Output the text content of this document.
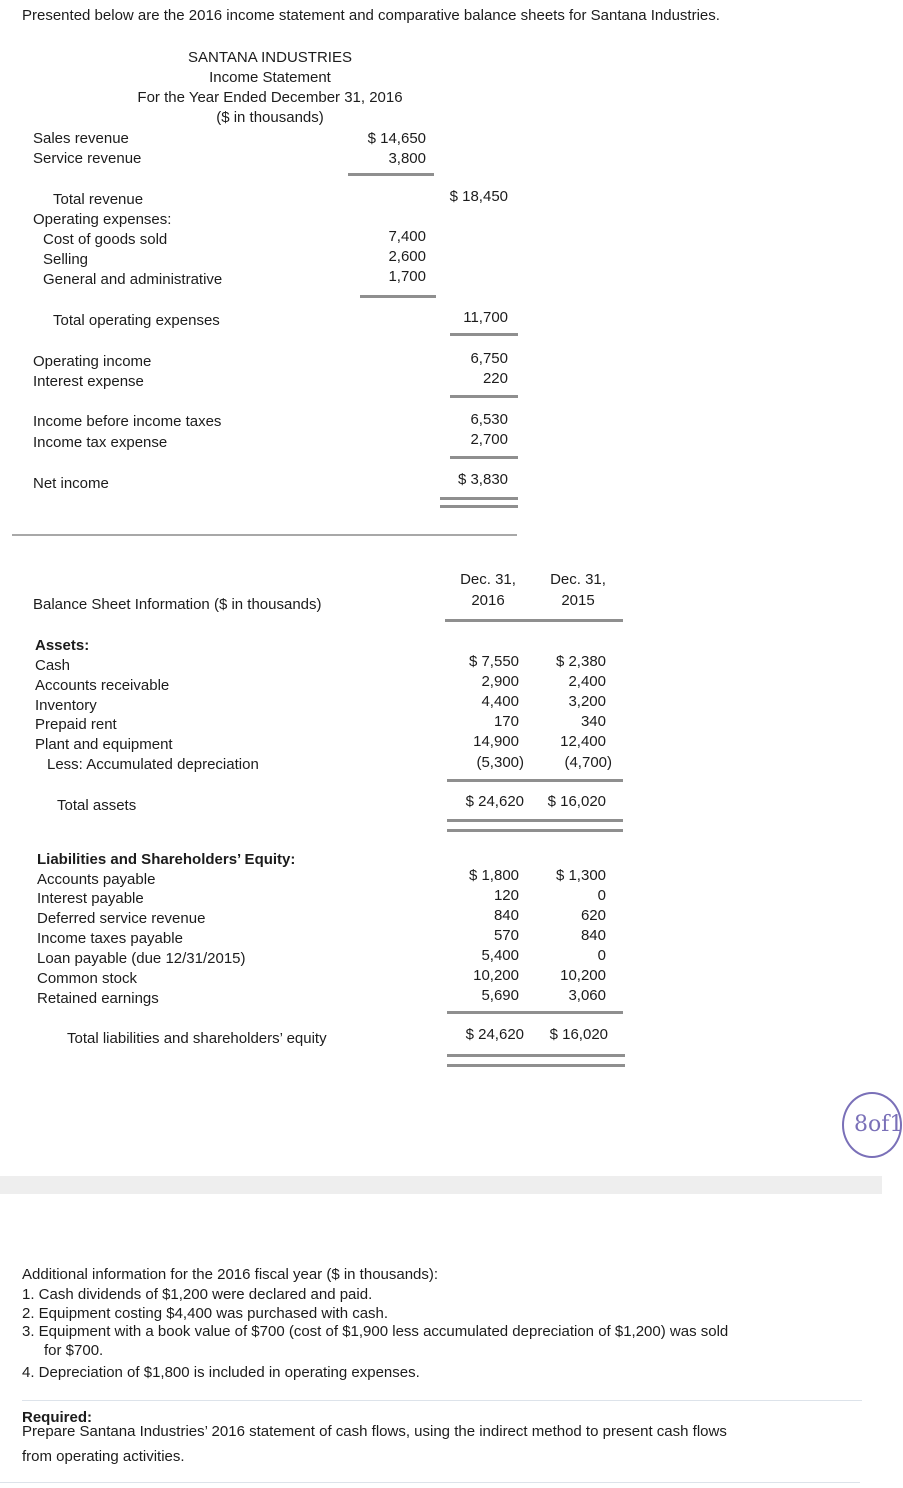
Presented below are the 2016 income statement and comparative balance sheets for Santana Industries.
SANTANA INDUSTRIES
Income Statement
For the Year Ended December 31, 2016
($ in thousands)
Sales revenue	$ 14,650
Service revenue	3,800
Total revenue	$ 18,450
Operating expenses:
Cost of goods sold	7,400
Selling	2,600
General and administrative	1,700
Total operating expenses	11,700
Operating income	6,750
Interest expense	220
Income before income taxes	6,530
Income tax expense	2,700
Net income	$ 3,830
Dec. 31,
2016
Dec. 31,
2015
Balance Sheet Information ($ in thousands)
Assets:
Cash	$ 7,550	$ 2,380
Accounts receivable	2,900	2,400
Inventory	4,400	3,200
Prepaid rent	170	340
Plant and equipment	14,900	12,400
Less: Accumulated depreciation	(5,300)	(4,700)
Total assets	$ 24,620	$ 16,020
Liabilities and Shareholders’ Equity:
Accounts payable	$ 1,800	$ 1,300
Interest payable	120	0
Deferred service revenue	840	620
Income taxes payable	570	840
Loan payable (due 12/31/2015)	5,400	0
Common stock	10,200	10,200
Retained earnings	5,690	3,060
Total liabilities and shareholders’ equity	$ 24,620	$ 16,020
8of1
Additional information for the 2016 fiscal year ($ in thousands):
1. Cash dividends of $1,200 were declared and paid.
2. Equipment costing $4,400 was purchased with cash.
3. Equipment with a book value of $700 (cost of $1,900 less accumulated depreciation of $1,200) was sold
for $700.
4. Depreciation of $1,800 is included in operating expenses.
Required:
Prepare Santana Industries’ 2016 statement of cash flows, using the indirect method to present cash flows
from operating activities.
